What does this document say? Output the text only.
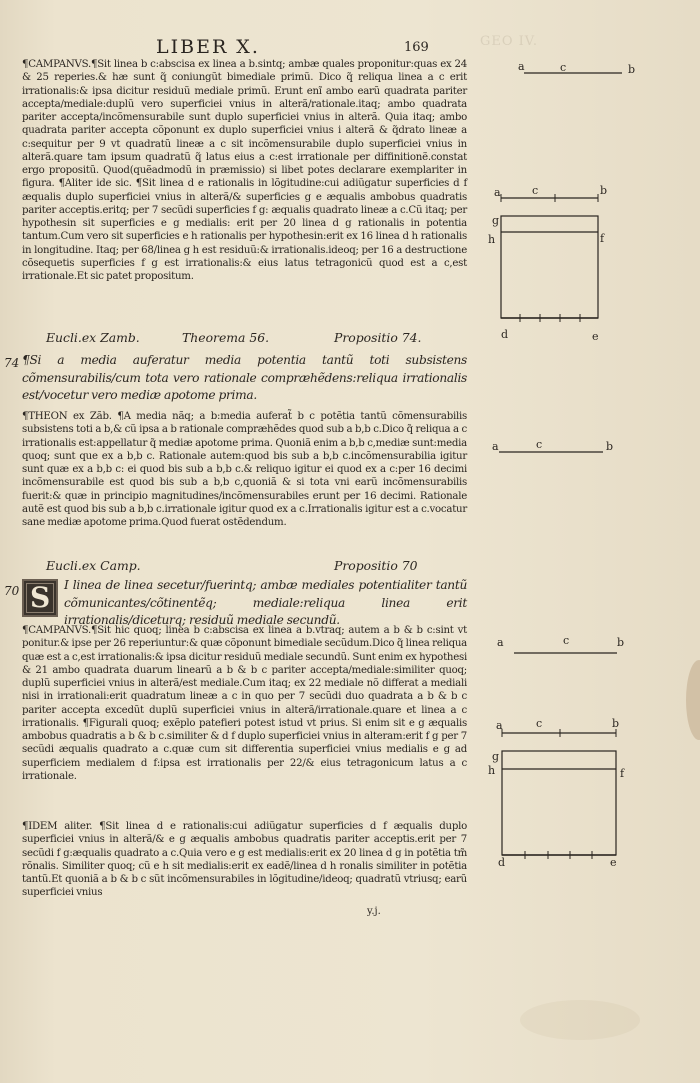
GEO IV.
LIBER X.	169

¶CAMPANVS.¶Sit linea b c:abscisa ex linea a b.sintq; ambæ quales proponitur:quas ex 24 & 25 reperies.& hæ sunt q̃ coniungũt bimediale primũ. Dico q̃ reliqua linea a c erit irrationalis:& ipsa dicitur residuũ mediale primũ. Erunt enĩ ambo earũ quadrata pariter accepta/mediale:duplũ vero superficiei vnius in alterã/rationale.itaq; ambo quadrata pariter accepta/incõmensurabile sunt duplo superficiei vnius in alterã. Quia itaq; ambo quadrata pariter accepta cõponunt ex duplo superficiei vnius i alterã & q̃drato lineæ a c:sequitur per 9 vt quadratũ lineæ a c sit incõmensurabile duplo superficiei vnius in alterã.quare tam ipsum quadratũ q̃ latus eius a c:est irrationale per diffinitionẽ.constat ergo propositũ. Quod(quẽadmodũ in præmissio) si libet potes declarare exemplariter in figura. ¶Aliter ide sic. ¶Sit linea d e rationalis in lõgitudine:cui adiũgatur superficies d f æqualis duplo superficiei vnius in alterã/& superficies g e æqualis ambobus quadratis pariter acceptis.eritq; per 7 secũdi superficies f g: æqualis quadrato lineæ a c.Cũ itaq; per hypothesin sit superficies e g medialis: erit per 20 linea d g rationalis in potentia tantum.Cum vero sit superficies e h rationalis per hypothesin:erit ex 16 linea d h rationalis in longitudine. Itaq; per 68/linea g h est residuũ:& irrationalis.ideoq; per 16 a destructione cõsequetis superficies f g est irrationalis:& eius latus tetragonicũ quod est a c,est irrationale.Et sic patet propositum.

Eucli.ex Zamb.	Theorema 56.	Propositio 74.
74 ¶Si a media auferatur media potentia tantũ toti subsistens cõmensurabilis/cum tota vero rationale compræhẽdens:reliqua irrationalis est/vocetur vero mediæ apotome prima.

¶THEON ex Zãb. ¶A media nãq; a b:media auferat̃ b c potẽtia tantũ cõmensurabilis subsistens toti a b,& cũ ipsa a b rationale compræhẽdes quod sub a b,b c.Dico q̃ reliqua a c irrationalis est:appellatur q̃ mediæ apotome prima. Quoniã enim a b,b c,mediæ sunt:media quoq; sunt que ex a b,b c. Rationale autem:quod bis sub a b,b c.incõmensurabilia igitur sunt quæ ex a b,b c: ei quod bis sub a b,b c.& reliquo igitur ei quod ex a c:per 16 decimi incõmensurabile est quod bis sub a b,b c,quoniã & si tota vni earũ incõmensurabilis fuerit:& quæ in principio magnitudines/incõmensurabiles erunt per 16 decimi. Rationale autẽ est quod bis sub a b,b c.irrationale igitur quod ex a c.Irrationalis igitur est a c.vocatur sane mediæ apotome prima.Quod fuerat ostẽdendum.

Eucli.ex Camp.	Propositio 70
70 S	I linea de linea secetur/fuerintq; ambæ mediales potentialiter tantũ cõmunicantes/cõtinentẽq; mediale:reliqua linea erit irrationalis/diceturq; residuũ mediale secundũ.

¶CAMPANVS.¶Sit hic quoq; linea b c:abscisa ex linea a b.vtraq; autem a b & b c:sint vt ponitur.& ipse per 26 reperiuntur:& quæ cõponunt bimediale secũdum.Dico q̃ linea reliqua quæ est a c,est irrationalis:& ipsa dicitur residuũ mediale secundũ. Sunt enim ex hypothesi & 21 ambo quadrata duarum linearũ a b & b c pariter accepta/mediale:similiter quoq; duplũ superficiei vnius in alterã/est mediale.Cum itaq; ex 22 mediale nõ differat a mediali nisi in irrationali:erit quadratum lineæ a c in quo per 7 secũdi duo quadrata a b & b c pariter accepta excedũt duplũ superficiei vnius in alterã/irrationale.quare et linea a c irrationalis. ¶Figurali quoq; exẽplo patefieri potest istud vt prius. Si enim sit e g æqualis ambobus quadratis a b & b c.similiter & d f duplo superficiei vnius in alteram:erit f g per 7 secũdi æqualis quadrato a c.quæ cum sit differentia superficiei vnius medialis e g ad superficiem medialem d f:ipsa est irrationalis per 22/& eius tetragonicum latus a c irrationale.

¶IDEM aliter. ¶Sit linea d e rationalis:cui adiũgatur superficies d f æqualis duplo superficiei vnius in alterã/& e g æqualis ambobus quadratis pariter acceptis.erit per 7 secũdi f g:æqualis quadrato a c.Quia vero e g est medialis:erit ex 20 linea d g in potẽtia tm̃ rõnalis. Similiter quoq; cũ e h sit medialis:erit ex eadẽ/linea d h ronalis similiter in potẽtia tantũ.Et quoniã a b & b c sũt incõmensurabiles in lõgitudine/ideoq; quadratũ vtriusq; earũ superficiei vnius

y.j.
a	c	b
a	c	b
g
h	f
d	e
a	c	b
a	c	b
a	c	b
g
h	f
d	e
